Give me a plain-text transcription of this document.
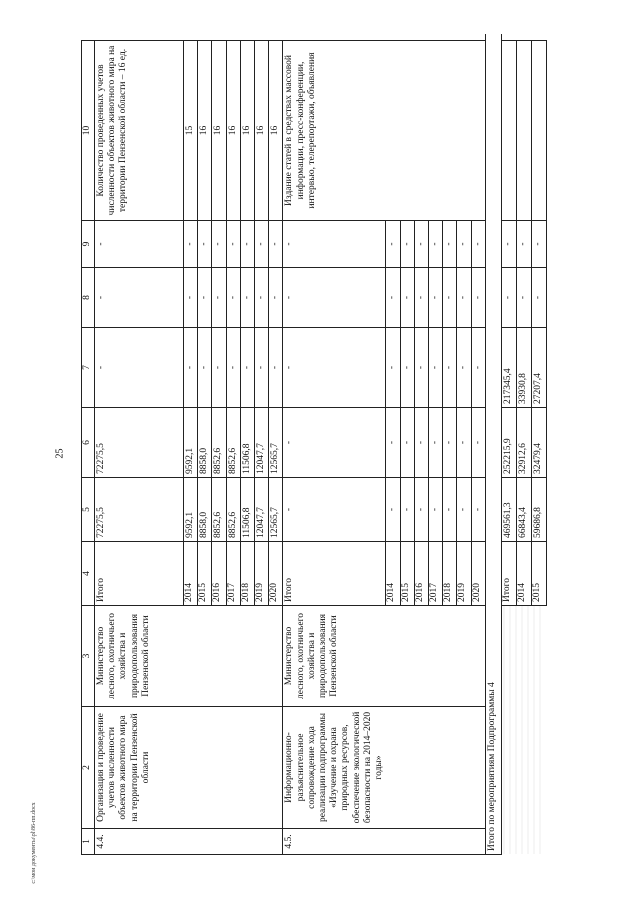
25
c:\мои документы\pl\86-пп.docx	1	2	3	4	5	6	7	8	9	10	
4.4.	Организация и проведение учетов численности объектов животного мира на территории Пензенской области	Министерство лесного, охотничьего хозяйства и природопользования Пензенской области	Итого	72275,5	72275,5	-	-	-	Количество проведенных учетов численности объектов животного мира на территории Пензенской области – 16 ед.	
			2014	9592,1	9592,1	-	-	-	15	
			2015	8858,0	8858,0	-	-	-	16	
			2016	8852,6	8852,6	-	-	-	16	
			2017	8852,6	8852,6	-	-	-	16	
			2018	11506,8	11506,8	-	-	-	16	
			2019	12047,7	12047,7	-	-	-	16	
			2020	12565,7	12565,7	-	-	-	16	
4.5.	Информационно-разъяснительное сопровождение хода реализации подпрограммы «Изучение и охрана природных ресурсов, обеспечение экологической безопасности на 2014–2020 годы»	Министерство лесного, охотничьего хозяйства и природопользования Пензенской области	Итого	-	-	-	-	-	Издание статей в средствах массовой информации, пресс-конференции, интервью, телерепортажи, объявления	
			2014	-	-	-	-	-		
			2015	-	-	-	-	-		
			2016	-	-	-	-	-		
			2017	-	-	-	-	-		
			2018	-	-	-	-	-		
			2019	-	-	-	-	-		
			2020	-	-	-	-	-		
Итого по мероприятиям Подпрограммы 4										
			Итого	469561,3	252215,9	217345,4	-	-		
			2014	66843,4	32912,6	33930,8	-	-		
			2015	59686,8	32479,4	27207,4	-	-		
